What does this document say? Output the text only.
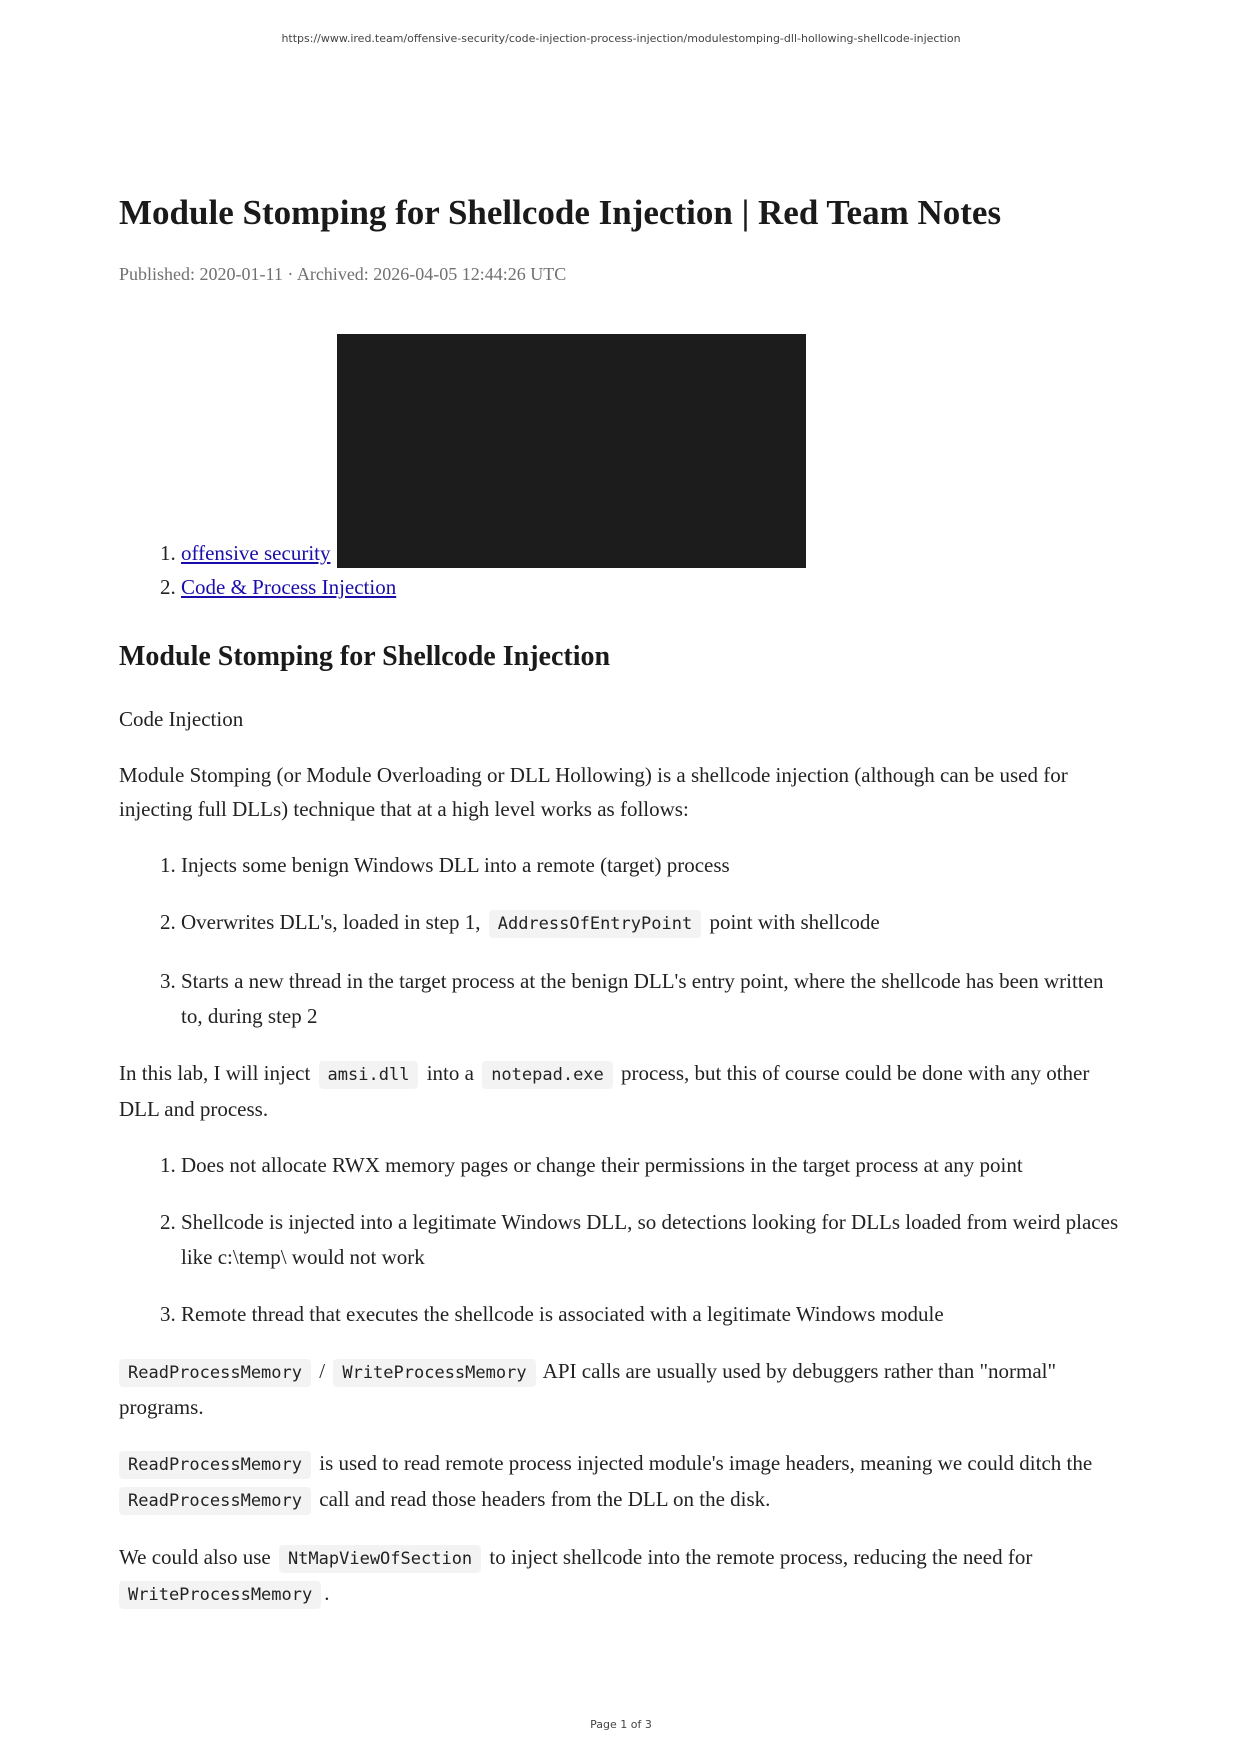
https://www.ired.team/offensive-security/code-injection-process-injection/modulestomping-dll-hollowing-shellcode-injection
Module Stomping for Shellcode Injection | Red Team Notes
Published: 2020-01-11 · Archived: 2026-04-05 12:44:26 UTC
1. offensive security
2. Code & Process Injection
Module Stomping for Shellcode Injection

Code Injection

Module Stomping (or Module Overloading or DLL Hollowing) is a shellcode injection (although can be used for injecting full DLLs) technique that at a high level works as follows:

1. Injects some benign Windows DLL into a remote (target) process
2. Overwrites DLL's, loaded in step 1, AddressOfEntryPoint point with shellcode
3. Starts a new thread in the target process at the benign DLL's entry point, where the shellcode has been written to, during step 2

In this lab, I will inject amsi.dll into a notepad.exe process, but this of course could be done with any other DLL and process.

1. Does not allocate RWX memory pages or change their permissions in the target process at any point
2. Shellcode is injected into a legitimate Windows DLL, so detections looking for DLLs loaded from weird places like c:\temp\ would not work
3. Remote thread that executes the shellcode is associated with a legitimate Windows module

ReadProcessMemory / WriteProcessMemory API calls are usually used by debuggers rather than "normal" programs.

ReadProcessMemory is used to read remote process injected module's image headers, meaning we could ditch the ReadProcessMemory call and read those headers from the DLL on the disk.

We could also use NtMapViewOfSection to inject shellcode into the remote process, reducing the need for WriteProcessMemory .

Page 1 of 3
